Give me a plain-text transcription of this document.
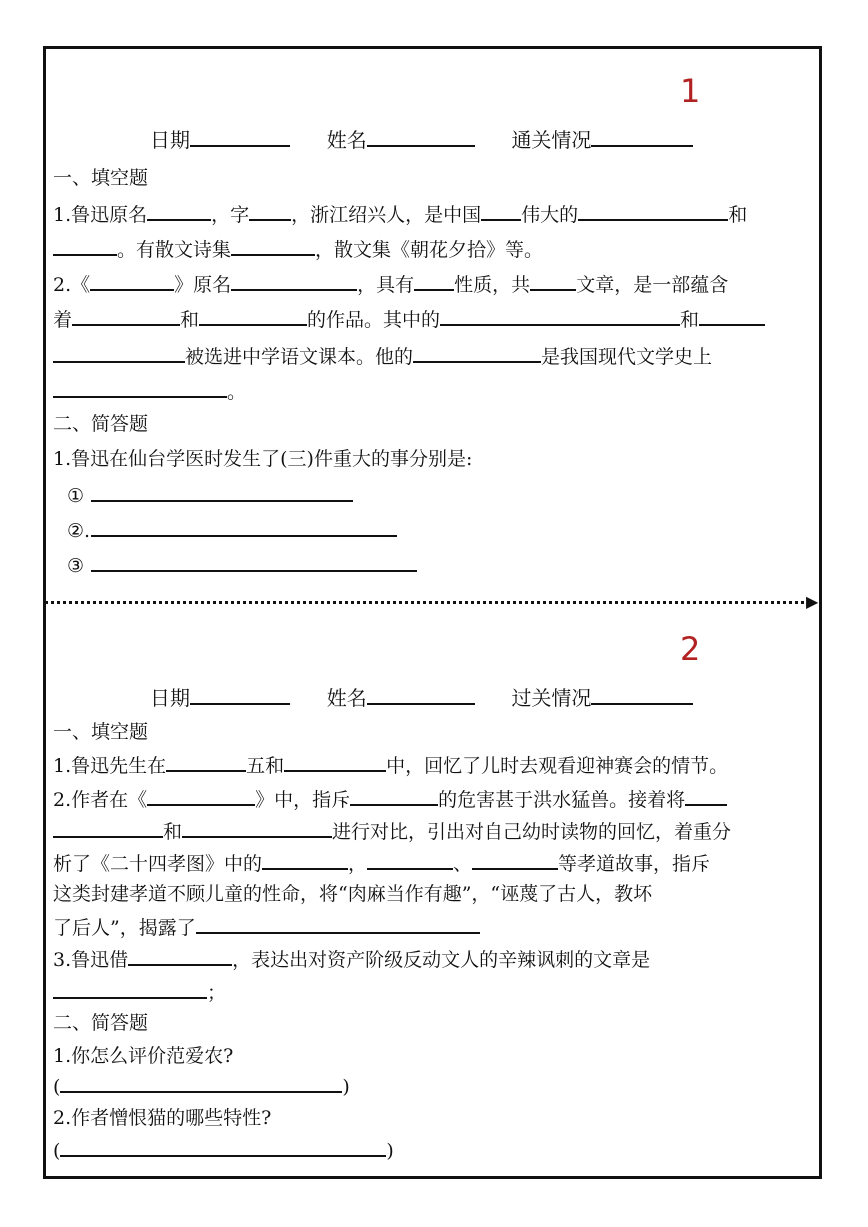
1
日期	姓名	通关情况
一、填空题
1.鲁迅原名	，字 ，浙江绍兴人，是中国 伟大的	和
。有散文诗集	，散文集《朝花夕拾》等。
2.《	》原名	，具有 性质，共 文章，是一部蕴含
着	和	的作品。其中的	和
被选进中学语文课本。他的	是我国现代文学史上
。
二、简答题
1.鲁迅在仙台学医时发生了(三)件重大的事分别是:
①
②.
③
▶
2
日期	姓名	过关情况
一、填空题
1.鲁迅先生在	五和	中，回忆了儿时去观看迎神赛会的情节。
2.作者在《	》中，指斥	的危害甚于洪水猛兽。接着将
和	进行对比，引出对自己幼时读物的回忆，着重分
析了《二十四孝图》中的	，	、	等孝道故事，指斥
这类封建孝道不顾儿童的性命，将“肉麻当作有趣”，“诬蔑了古人，教坏
了后人”，揭露了
3.鲁迅借	，表达出对资产阶级反动文人的辛辣讽刺的文章是
；
二、简答题
1.你怎么评价范爱农?
(	)
2.作者憎恨猫的哪些特性?
(	)
